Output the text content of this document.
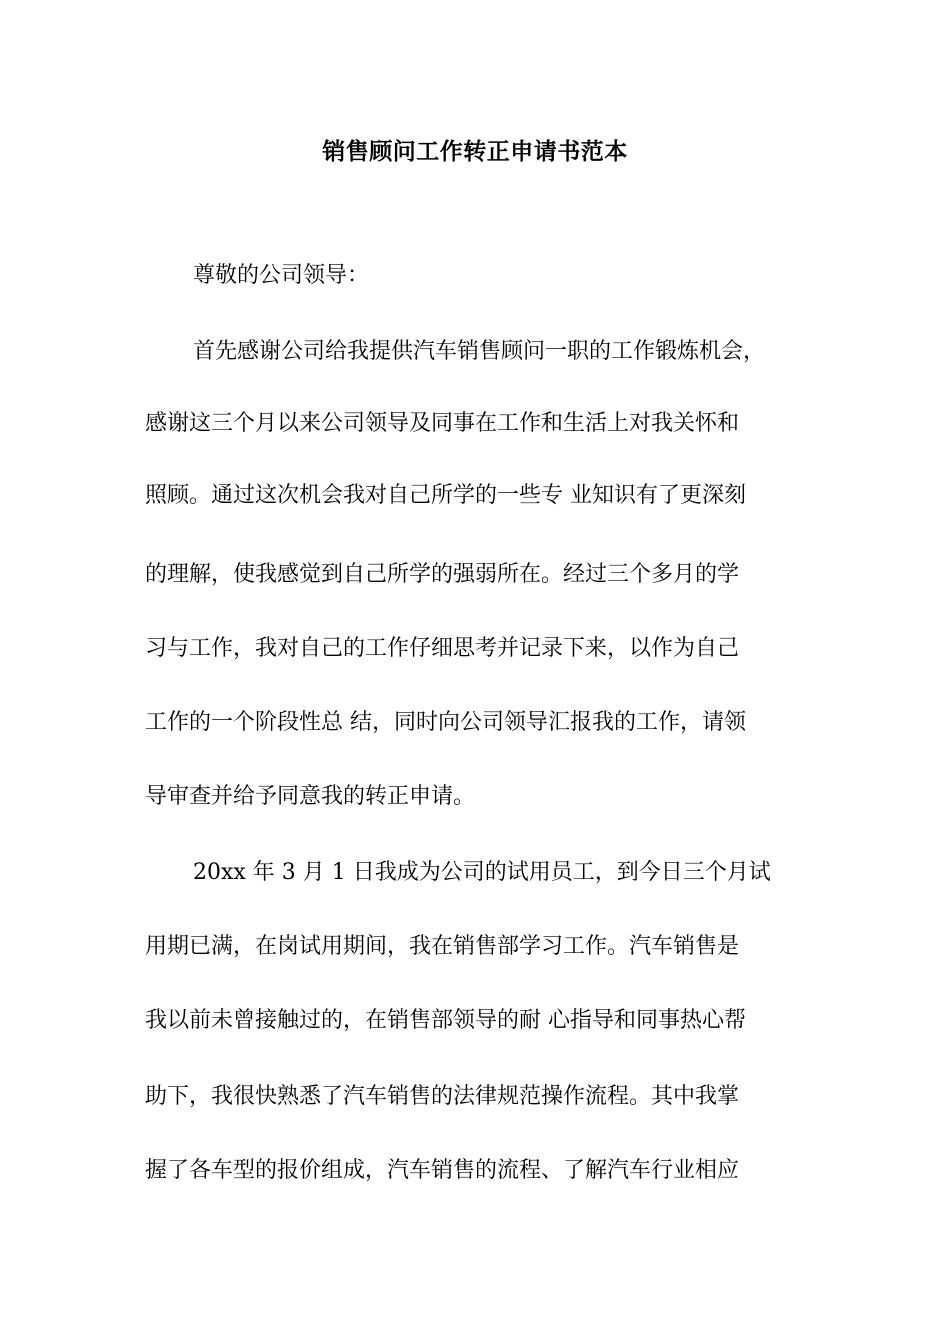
销售顾问工作转正申请书范本
尊敬的公司领导：
首先感谢公司给我提供汽车销售顾问一职的工作锻炼机会，
感谢这三个月以来公司领导及同事在工作和生活上对我关怀和
照顾。通过这次机会我对自己所学的一些专 业知识有了更深刻
的理解，使我感觉到自己所学的强弱所在。经过三个多月的学
习与工作，我对自己的工作仔细思考并记录下来，以作为自己
工作的一个阶段性总 结，同时向公司领导汇报我的工作，请领
导审查并给予同意我的转正申请。
20xx 年 3 月 1 日我成为公司的试用员工，到今日三个月试
用期已满，在岗试用期间，我在销售部学习工作。汽车销售是
我以前未曾接触过的，在销售部领导的耐 心指导和同事热心帮
助下，我很快熟悉了汽车销售的法律规范操作流程。其中我掌
握了各车型的报价组成，汽车销售的流程、了解汽车行业相应
